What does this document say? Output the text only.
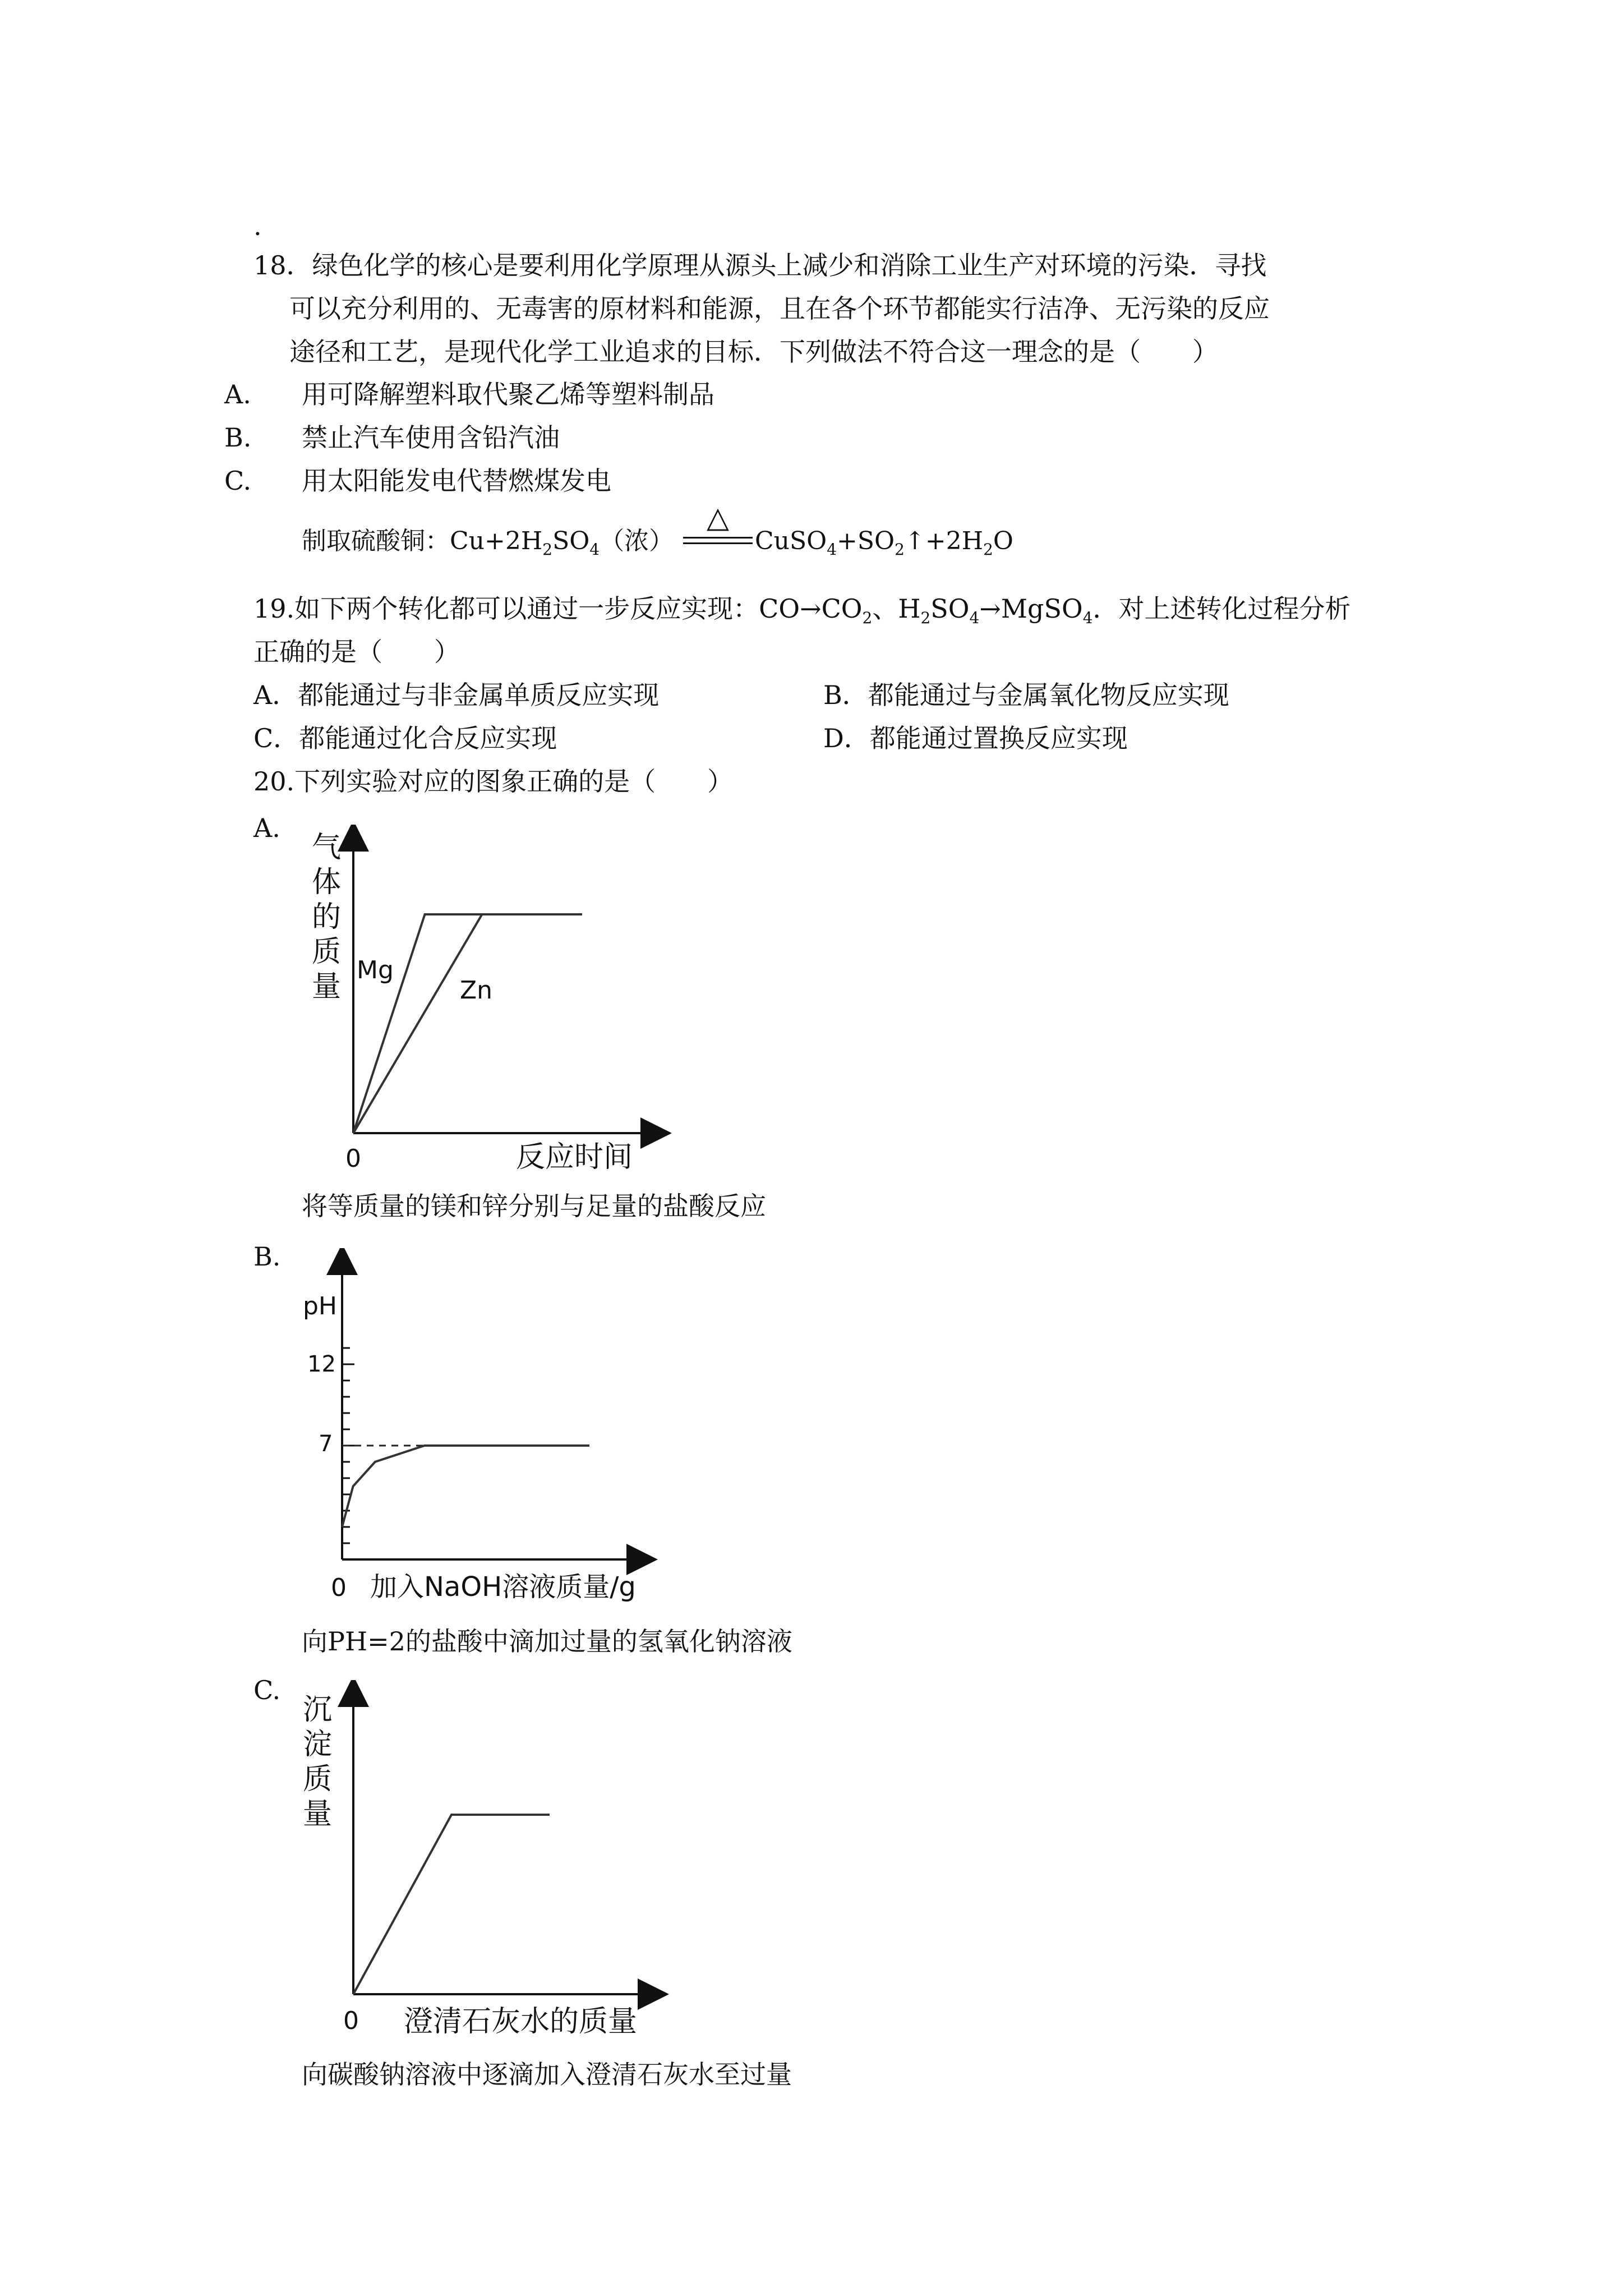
.
18．绿色化学的核心是要利用化学原理从源头上减少和消除工业生产对环境的污染．寻找
可以充分利用的、无毒害的原材料和能源，且在各个环节都能实行洁净、无污染的反应
途径和工艺，是现代化学工业追求的目标．下列做法不符合这一理念的是（　　）
A. 用可降解塑料取代聚乙烯等塑料制品
B. 禁止汽车使用含铅汽油
C. 用太阳能发电代替燃煤发电
制取硫酸铜：$Cu+2H_2SO_4$（浓）
△
$CuSO_4+SO_2↑+2H_2O$
19.如下两个转化都可以通过一步反应实现：$CO\to CO_2$、$H_2SO_4\to MgSO_4$．对上述转化过程分析
正确的是（　　）
A．都能通过与非金属单质反应实现	B．都能通过与金属氧化物反应实现
C．都能通过化合反应实现	D．都能通过置换反应实现
20.下列实验对应的图象正确的是（　　）
A.
气
体
的
质
量
0	反应时间
Mg
Zn
将等质量的镁和锌分别与足量的盐酸反应
B.
pH
12
7
0 加入NaOH溶液质量/g
向PH=2的盐酸中滴加过量的氢氧化钠溶液
C.
沉
淀
质
量
0 澄清石灰水的质量
向碳酸钠溶液中逐滴加入澄清石灰水至过量
